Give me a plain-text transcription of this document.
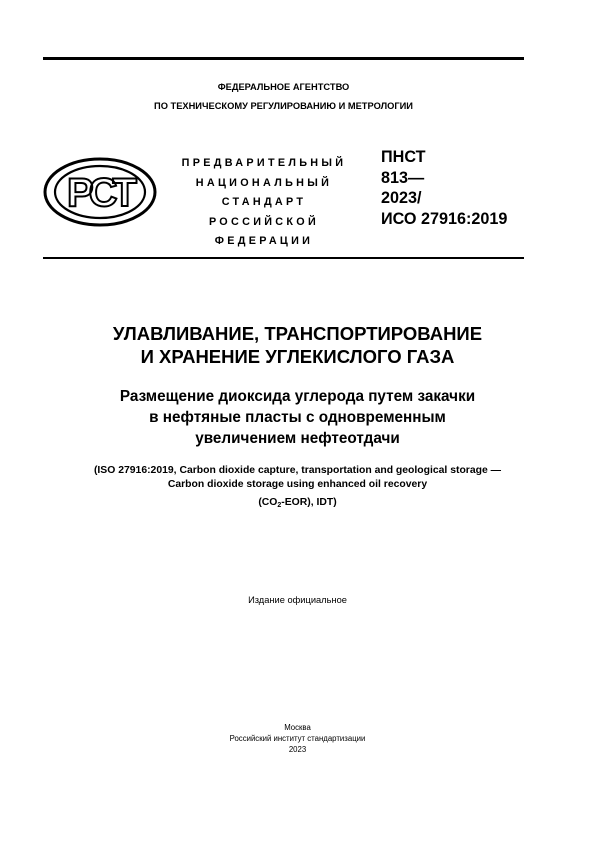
ФЕДЕРАЛЬНОЕ АГЕНТСТВО
ПО ТЕХНИЧЕСКОМУ РЕГУЛИРОВАНИЮ И МЕТРОЛОГИИ
РСТ
ПРЕДВАРИТЕЛЬНЫЙ
НАЦИОНАЛЬНЫЙ
СТАНДАРТ
РОССИЙСКОЙ
ФЕДЕРАЦИИ
ПНСТ
813—
2023/
ИСО 27916:2019
УЛАВЛИВАНИЕ, ТРАНСПОРТИРОВАНИЕ
И ХРАНЕНИЕ УГЛЕКИСЛОГО ГАЗА
Размещение диоксида углерода путем закачки
в нефтяные пласты с одновременным
увеличением нефтеотдачи
(ISO 27916:2019, Carbon dioxide capture, transportation and geological storage —
Carbon dioxide storage using enhanced oil recovery
$(CO_2-EOR)$, IDT)
Издание официальное
Москва
Российский институт стандартизации
2023
